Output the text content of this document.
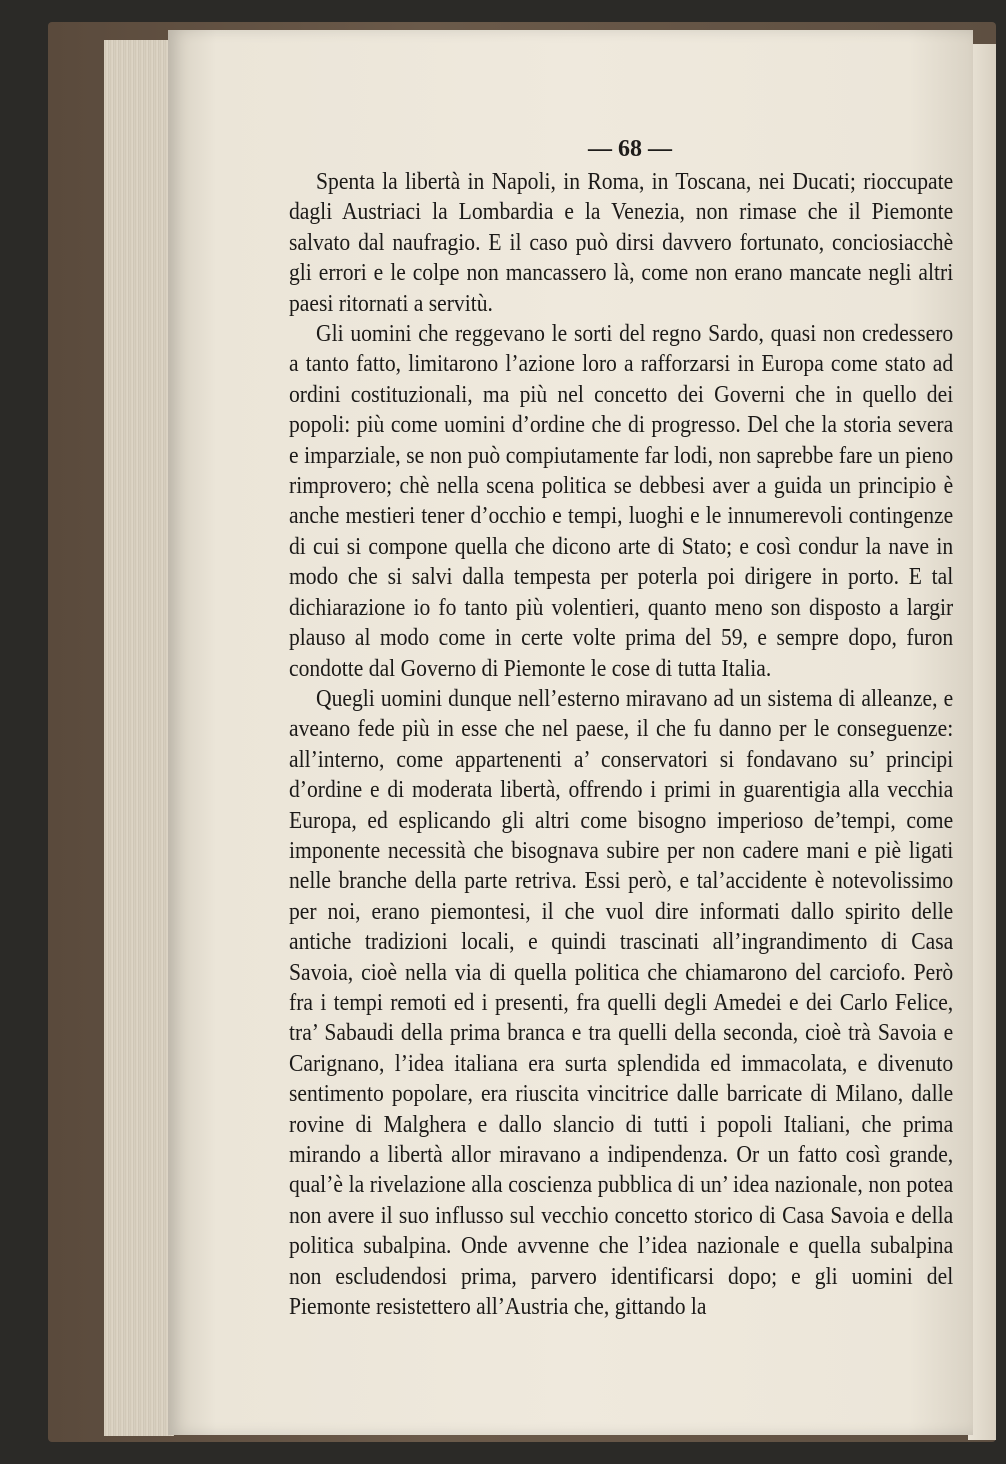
— 68 —

Spenta la libertà in Napoli, in Roma, in Toscana, nei Ducati; rioccupate dagli Austriaci la Lombardia e la Venezia, non rimase che il Piemonte salvato dal naufragio. E il caso può dirsi davvero fortunato, conciosiacchè gli errori e le colpe non mancassero là, come non erano mancate negli altri paesi ritornati a servitù.

Gli uomini che reggevano le sorti del regno Sardo, quasi non credessero a tanto fatto, limitarono l’azione loro a rafforzarsi in Europa come stato ad ordini costituzionali, ma più nel concetto dei Governi che in quello dei popoli: più come uomini d’ordine che di progresso. Del che la storia severa e imparziale, se non può compiutamente far lodi, non saprebbe fare un pieno rimprovero; chè nella scena politica se debbesi aver a guida un principio è anche mestieri tener d’occhio e tempi, luoghi e le innumerevoli contingenze di cui si compone quella che dicono arte di Stato; e così condur la nave in modo che si salvi dalla tempesta per poterla poi dirigere in porto. E tal dichiarazione io fo tanto più volentieri, quanto meno son disposto a largir plauso al modo come in certe volte prima del 59, e sempre dopo, furon condotte dal Governo di Piemonte le cose di tutta Italia.

Quegli uomini dunque nell’esterno miravano ad un sistema di alleanze, e aveano fede più in esse che nel paese, il che fu danno per le conseguenze: all’interno, come appartenenti a’ conservatori si fondavano su’ principi d’ordine e di moderata libertà, offrendo i primi in guarentigia alla vecchia Europa, ed esplicando gli altri come bisogno imperioso de’tempi, come imponente necessità che bisognava subire per non cadere mani e piè ligati nelle branche della parte retriva. Essi però, e tal’accidente è notevolissimo per noi, erano piemontesi, il che vuol dire informati dallo spirito delle antiche tradizioni locali, e quindi trascinati all’ingrandimento di Casa Savoia, cioè nella via di quella politica che chiamarono del carciofo. Però fra i tempi remoti ed i presenti, fra quelli degli Amedei e dei Carlo Felice, tra’ Sabaudi della prima branca e tra quelli della seconda, cioè trà Savoia e Carignano, l’idea italiana era surta splendida ed immacolata, e divenuto sentimento popolare, era riuscita vincitrice dalle barricate di Milano, dalle rovine di Malghera e dallo slancio di tutti i popoli Italiani, che prima mirando a libertà allor miravano a indipendenza. Or un fatto così grande, qual’è la rivelazione alla coscienza pubblica di un’ idea nazionale, non potea non avere il suo influsso sul vecchio concetto storico di Casa Savoia e della politica subalpina. Onde avvenne che l’idea nazionale e quella subalpina non escludendosi prima, parvero identificarsi dopo; e gli uomini del Piemonte resistettero all’Austria che, gittando la
